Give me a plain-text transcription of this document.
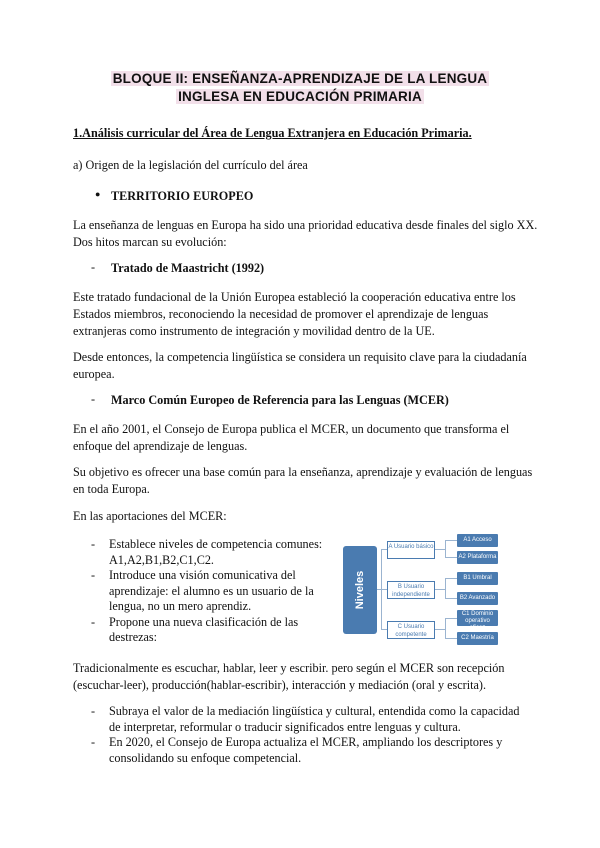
BLOQUE II: ENSEÑANZA-APRENDIZAJE DE LA LENGUA
INGLESA EN EDUCACIÓN PRIMARIA

1.Análisis curricular del Área de Lengua Extranjera en Educación Primaria.

a) Origen de la legislación del currículo del área

● TERRITORIO EUROPEO

La enseñanza de lenguas en Europa ha sido una prioridad educativa desde finales del siglo XX. Dos hitos marcan su evolución:

- Tratado de Maastricht (1992)

Este tratado fundacional de la Unión Europea estableció la cooperación educativa entre los Estados miembros, reconociendo la necesidad de promover el aprendizaje de lenguas extranjeras como instrumento de integración y movilidad dentro de la UE.

Desde entonces, la competencia lingüística se considera un requisito clave para la ciudadanía europea.

- Marco Común Europeo de Referencia para las Lenguas (MCER)

En el año 2001, el Consejo de Europa publica el MCER, un documento que transforma el enfoque del aprendizaje de lenguas.

Su objetivo es ofrecer una base común para la enseñanza, aprendizaje y evaluación de lenguas en toda Europa.

En las aportaciones del MCER:

- Establece niveles de competencia comunes: A1,A2,B1,B2,C1,C2.
- Introduce una visión comunicativa del aprendizaje: el alumno es un usuario de la lengua, no un mero aprendiz.
- Propone una nueva clasificación de las destrezas:
Niveles
A Usuario básico
B Usuario independiente
C Usuario competente
A1 Acceso
A2 Plataforma
B1 Umbral
B2 Avanzado
C1 Dominio operativo eficaz
C2 Maestría

Tradicionalmente es escuchar, hablar, leer y escribir. pero según el MCER son recepción (escuchar-leer), producción(hablar-escribir), interacción y mediación (oral y escrita).

- Subraya el valor de la mediación lingüística y cultural, entendida como la capacidad de interpretar, reformular o traducir significados entre lenguas y cultura.
- En 2020, el Consejo de Europa actualiza el MCER, ampliando los descriptores y consolidando su enfoque competencial.
